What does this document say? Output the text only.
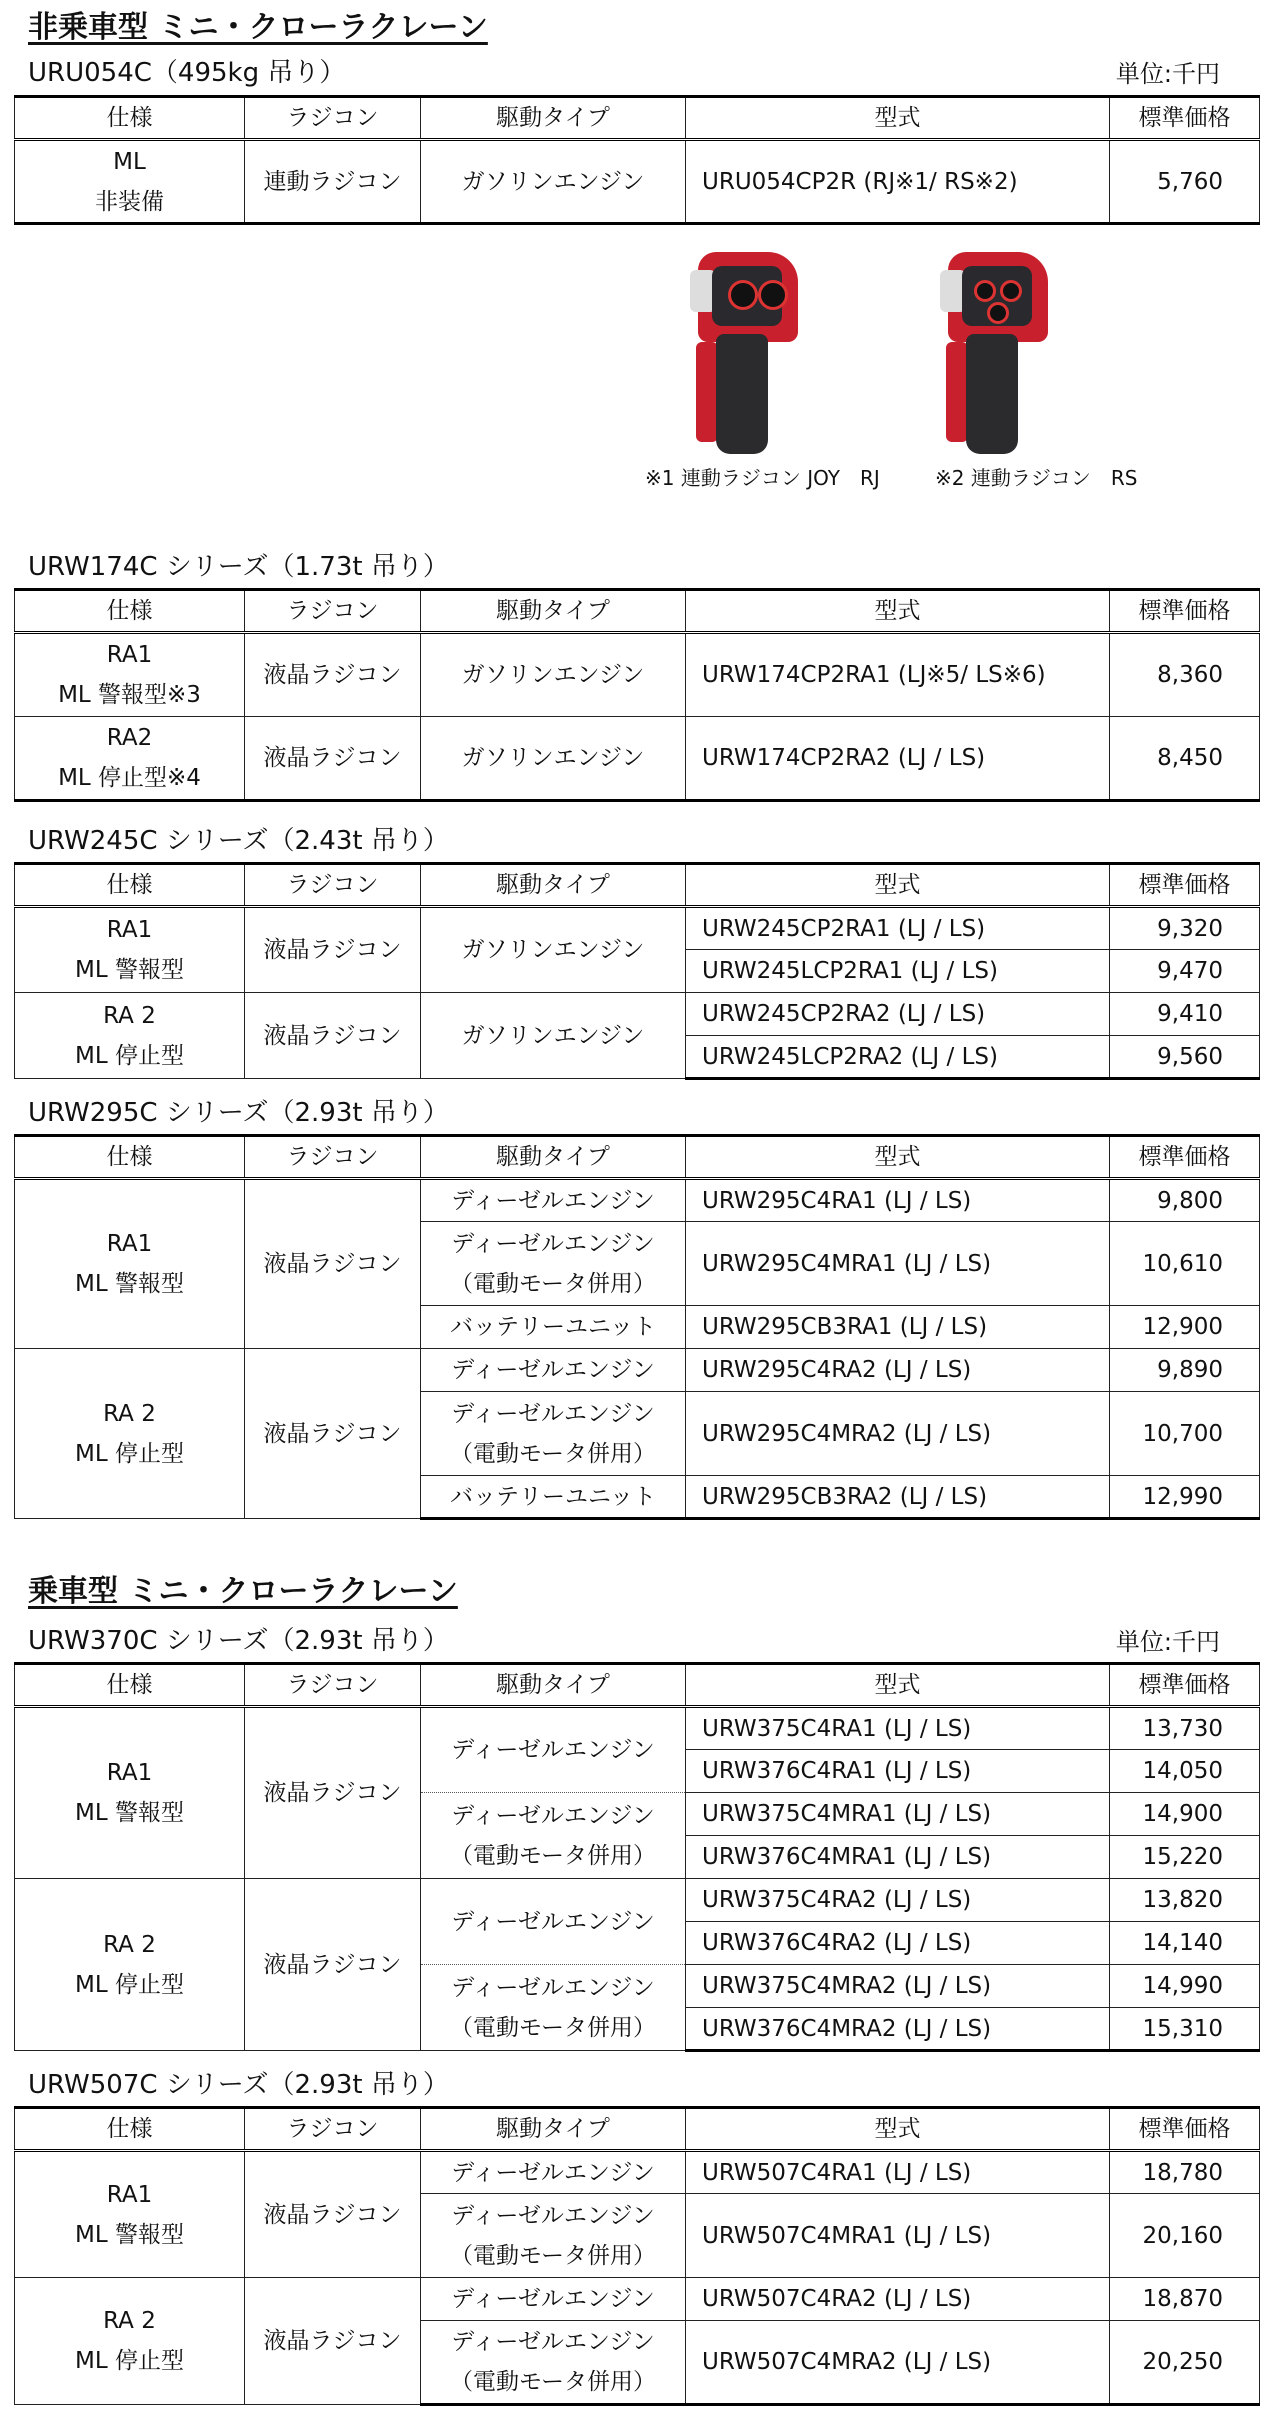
非乗車型 ミニ・クローラクレーン
URU054C（495kg 吊り）	単位:千円
仕様	ラジコン	駆動タイプ	型式	標準価格

ML
非装備	連動ラジコン	ガソリンエンジン	URU054CP2R (RJ※1/ RS※2)	5,760
※1 連動ラジコン JOY　RJ	※2 連動ラジコン　RS
URW174C シリーズ（1.73t 吊り）
仕様	ラジコン	駆動タイプ	型式	標準価格

RA1
ML 警報型※3	液晶ラジコン	ガソリンエンジン	URW174CP2RA1 (LJ※5/ LS※6)	8,360

RA2
ML 停止型※4	液晶ラジコン	ガソリンエンジン	URW174CP2RA2 (LJ / LS)	8,450
URW245C シリーズ（2.43t 吊り）
仕様	ラジコン	駆動タイプ	型式	標準価格

RA1
ML 警報型	液晶ラジコン	ガソリンエンジン	URW245CP2RA1 (LJ / LS)	9,320
			URW245LCP2RA1 (LJ / LS)	9,470

RA 2
ML 停止型	液晶ラジコン	ガソリンエンジン	URW245CP2RA2 (LJ / LS)	9,410
			URW245LCP2RA2 (LJ / LS)	9,560
URW295C シリーズ（2.93t 吊り）
仕様	ラジコン	駆動タイプ	型式	標準価格

RA1
ML 警報型	液晶ラジコン	ディーゼルエンジン	URW295C4RA1 (LJ / LS)	9,800

		ディーゼルエンジン
（電動モータ併用）	URW295C4MRA1 (LJ / LS)	10,610
		バッテリーユニット	URW295CB3RA1 (LJ / LS)	12,900

RA 2
ML 停止型	液晶ラジコン	ディーゼルエンジン	URW295C4RA2 (LJ / LS)	9,890

		ディーゼルエンジン
（電動モータ併用）	URW295C4MRA2 (LJ / LS)	10,700
		バッテリーユニット	URW295CB3RA2 (LJ / LS)	12,990
乗車型 ミニ・クローラクレーン
URW370C シリーズ（2.93t 吊り）	単位:千円
仕様	ラジコン	駆動タイプ	型式	標準価格

RA1
ML 警報型	液晶ラジコン	ディーゼルエンジン	URW375C4RA1 (LJ / LS)	13,730
			URW376C4RA1 (LJ / LS)	14,050

		ディーゼルエンジン
（電動モータ併用）	URW375C4MRA1 (LJ / LS)	14,900
			URW376C4MRA1 (LJ / LS)	15,220

RA 2
ML 停止型	液晶ラジコン	ディーゼルエンジン	URW375C4RA2 (LJ / LS)	13,820
			URW376C4RA2 (LJ / LS)	14,140

		ディーゼルエンジン
（電動モータ併用）	URW375C4MRA2 (LJ / LS)	14,990
			URW376C4MRA2 (LJ / LS)	15,310
URW507C シリーズ（2.93t 吊り）
仕様	ラジコン	駆動タイプ	型式	標準価格

RA1
ML 警報型	液晶ラジコン	ディーゼルエンジン	URW507C4RA1 (LJ / LS)	18,780

		ディーゼルエンジン
（電動モータ併用）	URW507C4MRA1 (LJ / LS)	20,160

RA 2
ML 停止型	液晶ラジコン	ディーゼルエンジン	URW507C4RA2 (LJ / LS)	18,870

		ディーゼルエンジン
（電動モータ併用）	URW507C4MRA2 (LJ / LS)	20,250
